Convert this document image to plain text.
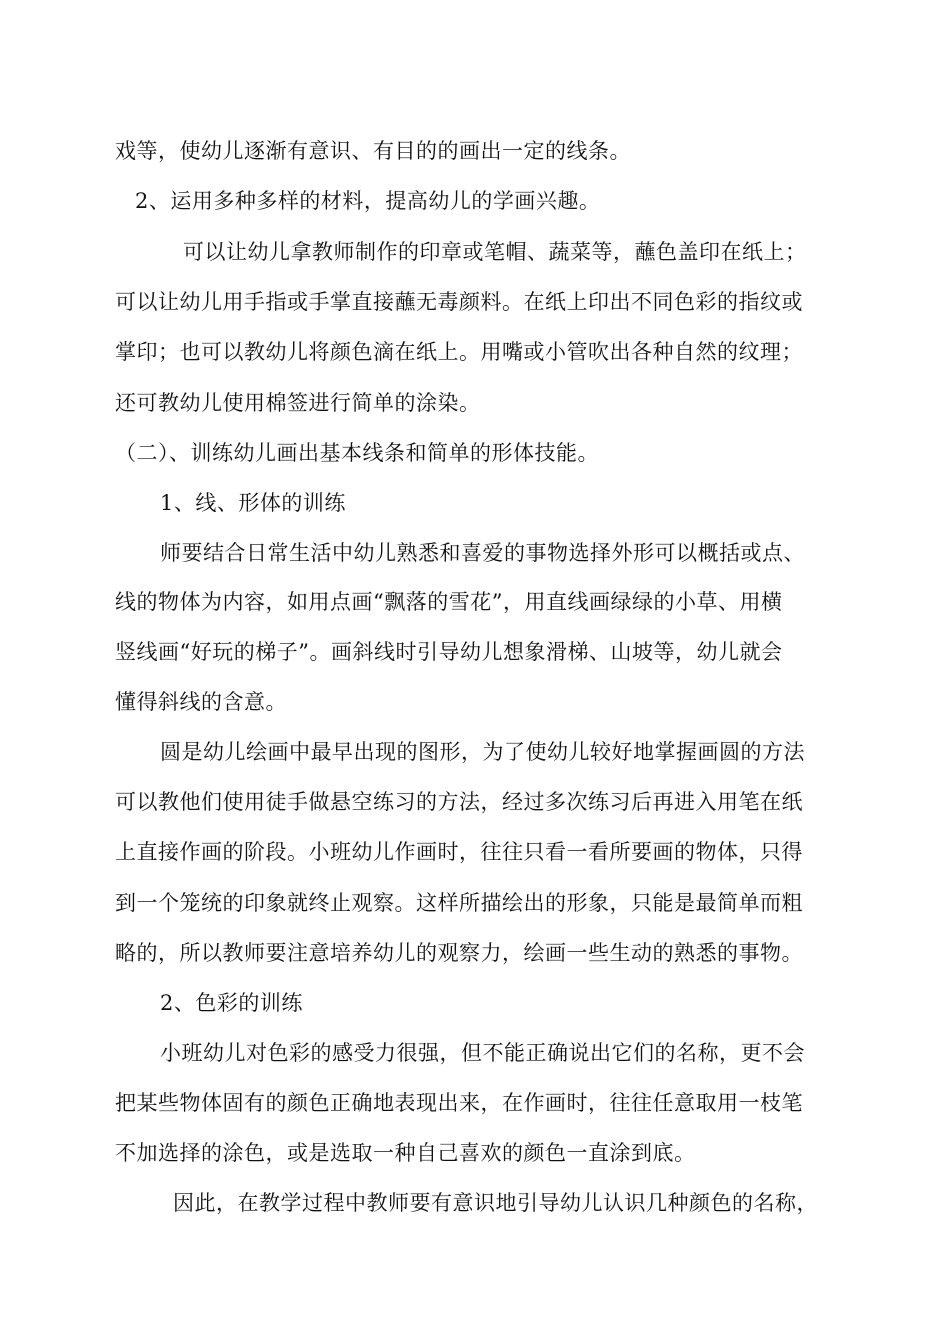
戏等，使幼儿逐渐有意识、有目的的画出一定的线条。
2、运用多种多样的材料，提高幼儿的学画兴趣。
可以让幼儿拿教师制作的印章或笔帽、蔬菜等，蘸色盖印在纸上；
可以让幼儿用手指或手掌直接蘸无毒颜料。在纸上印出不同色彩的指纹或
掌印；也可以教幼儿将颜色滴在纸上。用嘴或小管吹出各种自然的纹理；
还可教幼儿使用棉签进行简单的涂染。
（二）、训练幼儿画出基本线条和简单的形体技能。
1、线、形体的训练
师要结合日常生活中幼儿熟悉和喜爱的事物选择外形可以概括或点、
线的物体为内容，如用点画“飘落的雪花”，用直线画绿绿的小草、用横
竖线画“好玩的梯子”。画斜线时引导幼儿想象滑梯、山坡等，幼儿就会
懂得斜线的含意。
圆是幼儿绘画中最早出现的图形，为了使幼儿较好地掌握画圆的方法
可以教他们使用徒手做悬空练习的方法，经过多次练习后再进入用笔在纸
上直接作画的阶段。小班幼儿作画时，往往只看一看所要画的物体，只得
到一个笼统的印象就终止观察。这样所描绘出的形象，只能是最简单而粗
略的，所以教师要注意培养幼儿的观察力，绘画一些生动的熟悉的事物。
2、色彩的训练
小班幼儿对色彩的感受力很强，但不能正确说出它们的名称，更不会
把某些物体固有的颜色正确地表现出来，在作画时，往往任意取用一枝笔
不加选择的涂色，或是选取一种自己喜欢的颜色一直涂到底。
因此，在教学过程中教师要有意识地引导幼儿认识几种颜色的名称，
